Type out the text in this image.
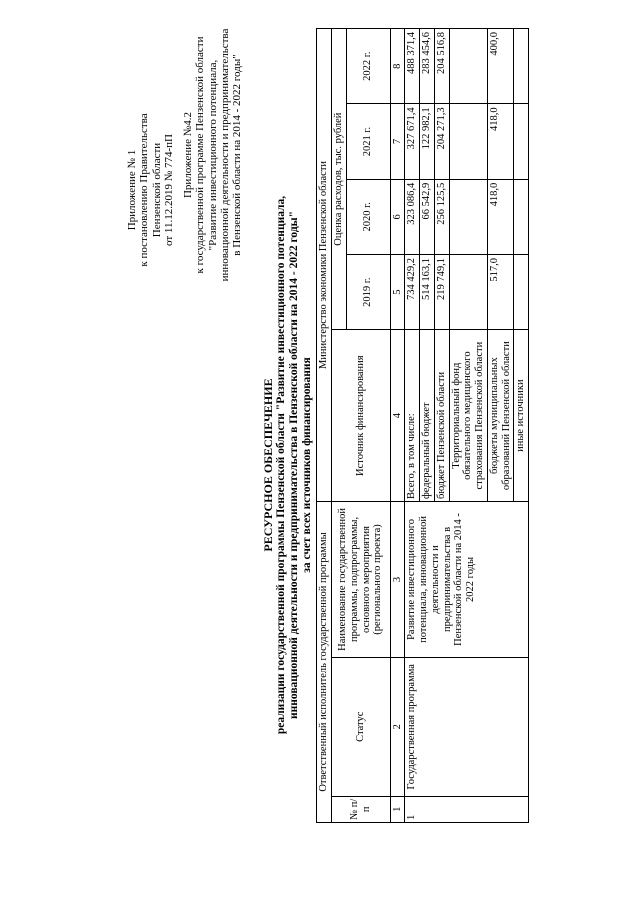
Приложение № 1 к постановлению Правительства Пензенской области от 11.12.2019 № 774-пП Приложение №4.2 к государственной программе Пензенской области "Развитие инвестиционного потенциала, инновационной деятельности и предпринимательства в Пензенской области на 2014 - 2022 годы"
РЕСУРСНОЕ ОБЕСПЕЧЕНИЕ реализации государственной программы Пензенской области "Развитие инвестиционного потенциала, инновационной деятельности и предпринимательства в Пензенской области на 2014 - 2022 годы" за счет всех источников финансирования
Ответственный исполнитель государственной программы			Министерство экономики Пензенской области				
№ п/п	Статус	Наименование государственной программы, подпрограммы, основного мероприятия (регионального проекта)	Источник финансирования	Оценка расходов, тыс. рублей			
				2019 г.	2020 г.	2021 г.	2022 г.
1	2	3	4	5	6	7	8
1	Государственная программа	Развитие инвестиционного потенциала, инновационной деятельности и предпринимательства в Пензенской области на 2014 - 2022 годы	Всего, в том числе:	734 429,2	323 086,4	327 671,4	488 371,4
			федеральный бюджет	514 163,1	66 542,9	122 982,1	283 454,6
			бюджет Пензенской области	219 749,1	256 125,5	204 271,3	204 516,8
			Территориальный фонд обязательного медицинского страхования Пензенской области				
			бюджеты муниципальных образований Пензенской области	517,0	418,0	418,0	400,0
			иные источники				
